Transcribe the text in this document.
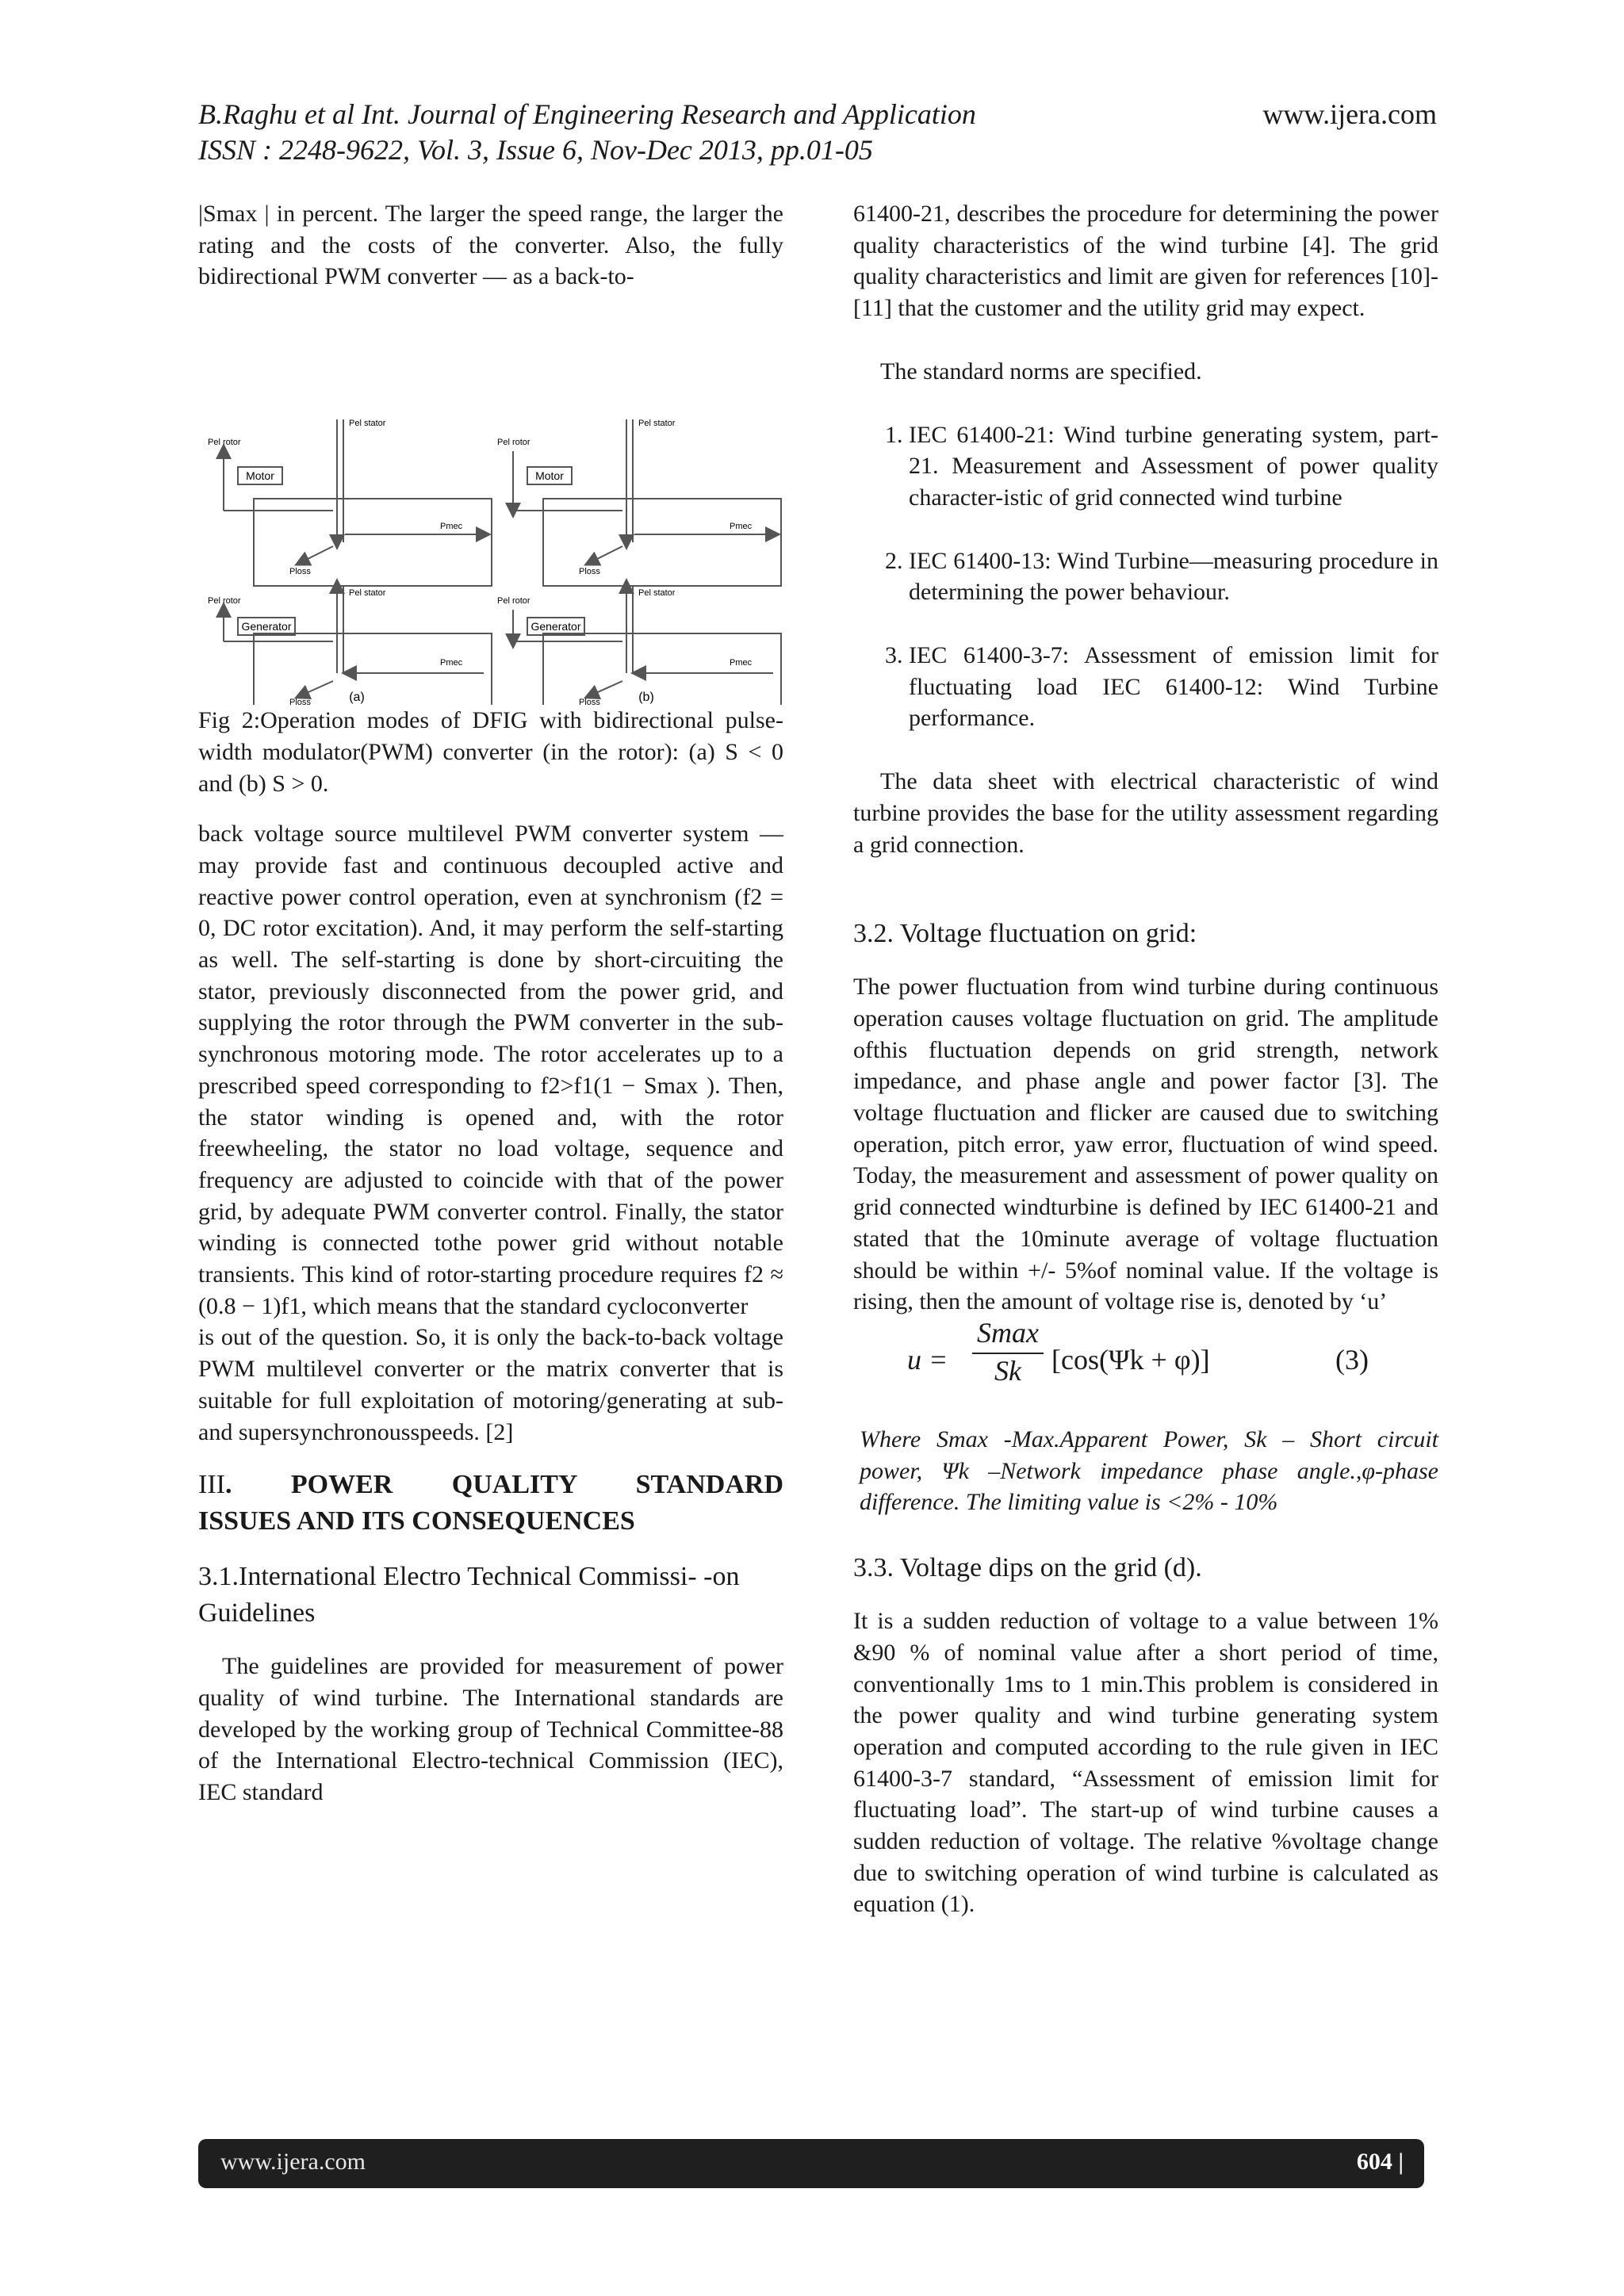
B.Raghu et al Int. Journal of Engineering Research and Application
ISSN : 2248-9622, Vol. 3, Issue 6, Nov-Dec 2013, pp.01-05
www.ijera.com

|Smax | in percent. The larger the speed range, the larger the rating and the costs of the converter. Also, the fully bidirectional PWM converter — as a back-to-

Motor	Motor
Generator	Generator
(a)	(b)
Pel rotor
Pel stator
Pmec
Ploss
Pel rotor
Pel stator
Pmec
Ploss
Pel rotor
Pel stator
Pmec
Ploss
Pel rotor
Pel stator
Pmec
Ploss

Fig 2:Operation modes of DFIG with bidirectional pulse-width modulator(PWM) converter (in the rotor): (a) S < 0 and (b) S > 0.

back voltage source multilevel PWM converter system — may provide fast and continuous decoupled active and reactive power control operation, even at synchronism (f2 = 0, DC rotor excitation). And, it may perform the self-starting as well. The self-starting is done by short-circuiting the stator, previously disconnected from the power grid, and supplying the rotor through the PWM converter in the sub-synchronous motoring mode. The rotor accelerates up to a prescribed speed corresponding to f2>f1(1 − Smax ). Then, the stator winding is opened and, with the rotor freewheeling, the stator no load voltage, sequence and frequency are adjusted to coincide with that of the power grid, by adequate PWM converter control. Finally, the stator winding is connected tothe power grid without notable transients. This kind of rotor-starting procedure requires f2 ≈ (0.8 − 1)f1, which means that the standard cycloconverter

is out of the question. So, it is only the back-to-back voltage PWM multilevel converter or the matrix converter that is suitable for full exploitation of motoring/generating at sub- and supersynchronousspeeds. [2]

III. POWER QUALITY STANDARD
ISSUES AND ITS CONSEQUENCES
3.1.International Electro Technical Commissi- -on Guidelines

The guidelines are provided for measurement of power quality of wind turbine. The International standards are developed by the working group of Technical Committee-88 of the International Electro-technical Commission (IEC), IEC standard

61400-21, describes the procedure for determining the power quality characteristics of the wind turbine [4]. The grid quality characteristics and limit are given for references [10]-[11] that the customer and the utility grid may expect.

The standard norms are specified.

1. IEC 61400-21: Wind turbine generating system, part-21. Measurement and Assessment of power quality character-istic of grid connected wind turbine
2. IEC 61400-13: Wind Turbine—measuring procedure in determining the power behaviour.
3. IEC 61400-3-7: Assessment of emission limit for fluctuating load IEC 61400-12: Wind Turbine performance.

The data sheet with electrical characteristic of wind turbine provides the base for the utility assessment regarding a grid connection.

3.2. Voltage fluctuation on grid:

The power fluctuation from wind turbine during continuous operation causes voltage fluctuation on grid. The amplitude ofthis fluctuation depends on grid strength, network impedance, and phase angle and power factor [3]. The voltage fluctuation and flicker are caused due to switching operation, pitch error, yaw error, fluctuation of wind speed. Today, the measurement and assessment of power quality on grid connected windturbine is defined by IEC 61400-21 and stated that the 10minute average of voltage fluctuation should be within +/- 5%of nominal value. If the voltage is rising, then the amount of voltage rise is, denoted by ‘u’

u =
Smax
Sk	[cos(Ψk + φ)]	(3)

Where Smax -Max.Apparent Power, Sk – Short circuit power, Ψk –Network impedance phase angle.,φ-phase difference. The limiting value is <2% - 10%

3.3. Voltage dips on the grid (d).

It is a sudden reduction of voltage to a value between 1% &90 % of nominal value after a short period of time, conventionally 1ms to 1 min.This problem is considered in the power quality and wind turbine generating system operation and computed according to the rule given in IEC 61400-3-7 standard, “Assessment of emission limit for fluctuating load”. The start-up of wind turbine causes a sudden reduction of voltage. The relative %voltage change due to switching operation of wind turbine is calculated as equation (1).

www.ijera.com	604 |
